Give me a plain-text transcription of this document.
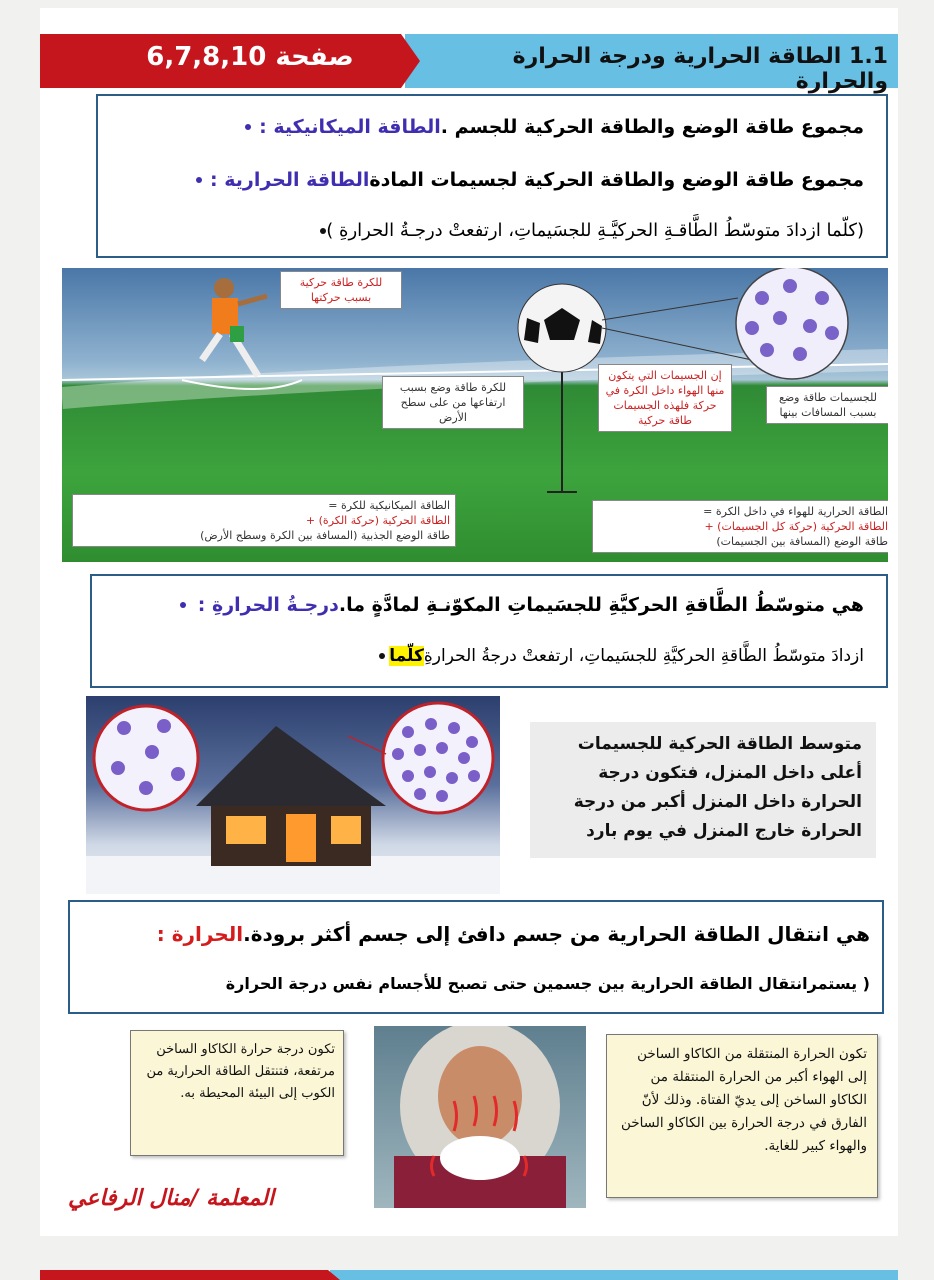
1.1 الطاقة الحرارية ودرجة الحرارة والحرارة
صفحة 6,7,8,10
الطاقة الميكانيكية : مجموع طاقة الوضع والطاقة الحركية للجسم .
الطاقة الحرارية : مجموع طاقة الوضع والطاقة الحركية لجسيمات المادة
(كلّما ازدادَ متوسّطُ الطَّاقـةِ الحركيَّـةِ للجسَيماتِ، ارتفعتْ درجـةُ الحرارةِ )
للكرة طاقة حركية بسبب حركتها
للكرة طاقة وضع بسبب ارتفاعها من على سطح الأرض
إن الجسيمات التي يتكون منها الهواء داخل الكرة في حركة فلهذه الجسيمات طاقة حركية
للجسيمات طاقة وضع بسبب المسافات بينها
الطاقة الميكانيكية للكرة =
الطاقة الحركية (حركة الكرة) +
طاقة الوضع الجذبية (المسافة بين الكرة وسطح الأرض)
الطاقة الحرارية للهواء في داخل الكرة =
الطاقة الحركية (حركة كل الجسيمات) +
طاقة الوضع (المسافة بين الجسيمات)
درجـةُ الحرارةِ : هي متوسّطُ الطَّاقةِ الحركيَّةِ للجسَيماتِ المكوّنـةِ لمادَّةٍ ما.
كلّما ازدادَ متوسّطُ الطَّاقةِ الحركيَّةِ للجسَيماتِ، ارتفعتْ درجةُ الحرارةِ
متوسط الطاقة الحركية للجسيمات أعلى داخل المنزل، فتكون درجة الحرارة داخل المنزل أكبر من درجة الحرارة خارج المنزل في يوم بارد
الحرارة : هي انتقال الطاقة الحرارية من جسم دافئ إلى جسم أكثر برودة.
( يستمرانتقال الطاقة الحرارية بين جسمين حتى تصبح للأجسام نفس درجة الحرارة
تكون درجة حرارة الكاكاو الساخن مرتفعة، فتنتقل الطاقة الحرارية من الكوب إلى البيئة المحيطة به.
تكون الحرارة المنتقلة من الكاكاو الساخن إلى الهواء أكبر من الحرارة المنتقلة من الكاكاو الساخن إلى يديّ الفتاة. وذلك لأنّ الفارق في درجة الحرارة بين الكاكاو الساخن والهواء كبير للغاية.
المعلمة /منال الرفاعي
